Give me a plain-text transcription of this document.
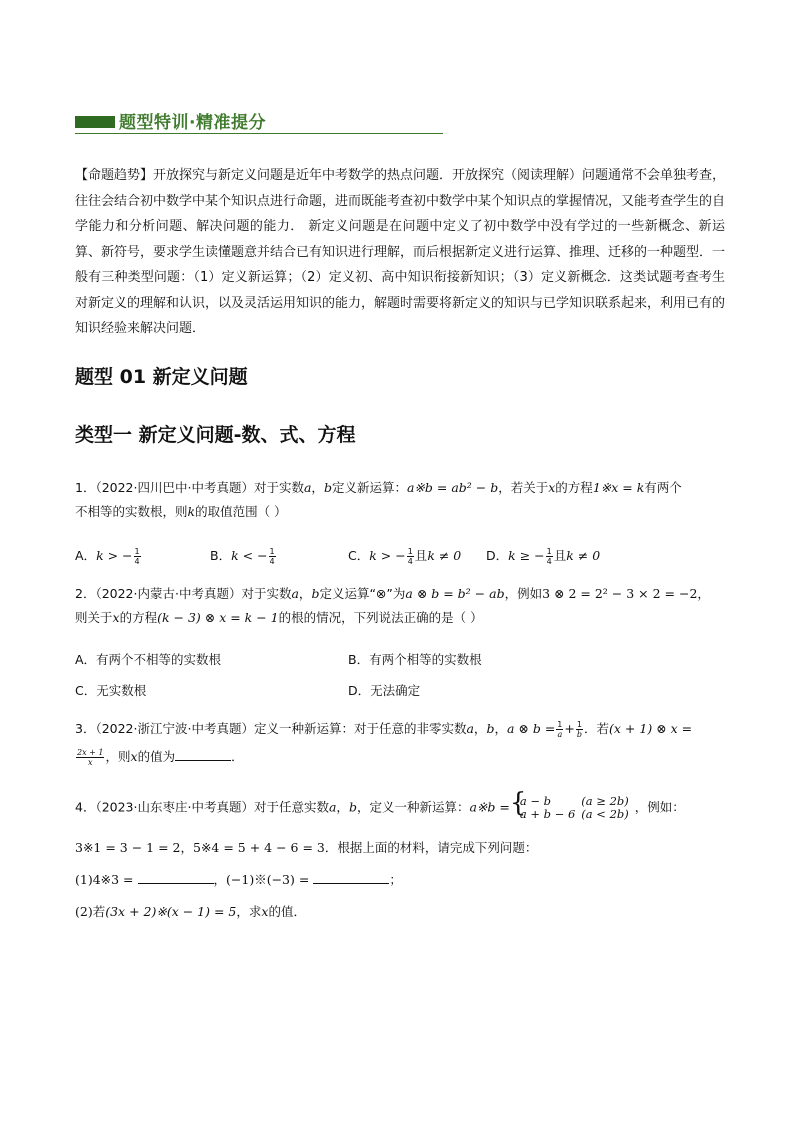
题型特训·精准提分
【命题趋势】开放探究与新定义问题是近年中考数学的热点问题．开放探究（阅读理解）问题通常不会单独考查，往往会结合初中数学中某个知识点进行命题，进而既能考查初中数学中某个知识点的掌握情况，又能考查学生的自学能力和分析问题、解决问题的能力． 新定义问题是在问题中定义了初中数学中没有学过的一些新概念、新运算、新符号，要求学生读懂题意并结合已有知识进行理解，而后根据新定义进行运算、推理、迁移的一种题型．一般有三种类型问题：（1）定义新运算；（2）定义初、高中知识衔接新知识；（3）定义新概念．这类试题考查考生对新定义的理解和认识，以及灵活运用知识的能力，解题时需要将新定义的知识与已学知识联系起来，利用已有的知识经验来解决问题．
题型 01 新定义问题
类型一 新定义问题-数、式、方程
1．（2022·四川巴中·中考真题）对于实数a，b定义新运算：a※b = ab² − b，若关于x的方程1※x = k有两个
不相等的实数根，则k的取值范围（ ）
A．k > − $\frac{1}{4}$	B．k < − $\frac{1}{4}$	C．k > − $\frac{1}{4}$ 且k ≠ 0 D．k ≥ − $\frac{1}{4}$ 且k ≠ 0
2．（2022·内蒙古·中考真题）对于实数a，b定义运算“⊗”为a ⊗ b = b² − ab，例如3 ⊗ 2 = 2² − 3 × 2 = −2，
则关于x的方程(k − 3) ⊗ x = k − 1的根的情况，下列说法正确的是（ ）
A．有两个不相等的实数根	B．有两个相等的实数根
C．无实数根	D．无法确定
3．（2022·浙江宁波·中考真题）定义一种新运算：对于任意的非零实数a，b，a ⊗ $b = \frac{1}{a} + \frac{1}{b}$ ．若(x + 1) ⊗ x =

$\frac{2x + 1}{x}$ ，则x的值为	．
4．（2023·山东枣庄·中考真题）对于任意实数a，b，定义一种新运算：a※b = {
a − b	(a ≥ 2b)
a + b − 6	(a < 2b) ，例如：
3※1 = 3 − 1 = 2，5※4 = 5 + 4 − 6 = 3．根据上面的材料，请完成下列问题：
(1)4※3 =	，(−1)※(−3) =	；
(2)若(3x + 2)※(x − 1) = 5，求x的值．
